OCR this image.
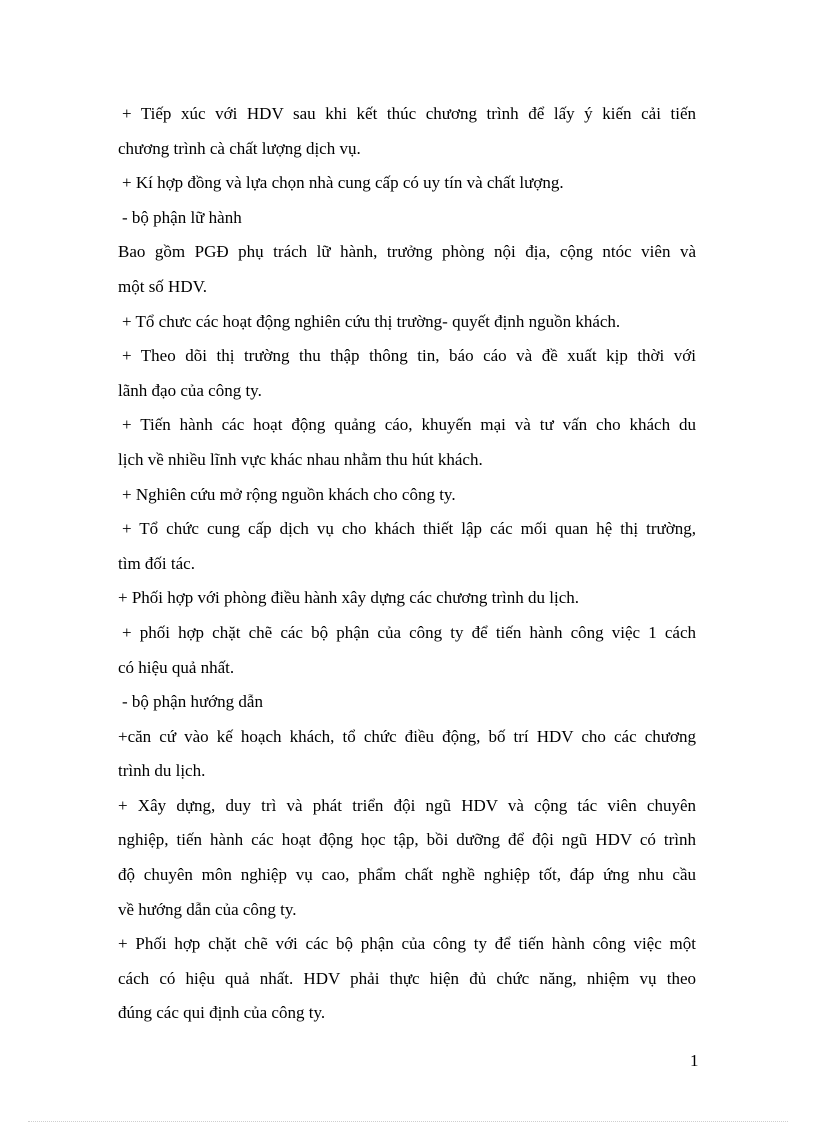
+ Tiếp xúc với HDV sau khi kết thúc chương trình để lấy ý kiến cải tiến
chương trình cà chất lượng dịch vụ.
+ Kí hợp đồng và lựa chọn nhà cung cấp có uy tín và chất lượng.
- bộ phận lữ hành
Bao gồm PGĐ phụ trách lữ hành, trưởng phòng nội địa, cộng ntóc viên và
một số HDV.
+ Tổ chưc các hoạt động nghiên cứu thị trường- quyết định nguồn khách.
+ Theo dõi thị trường thu thập thông tin, báo cáo và đề xuất kịp thời với
lãnh đạo của công ty.
+ Tiến hành các hoạt động quảng cáo, khuyến mại và tư vấn cho khách du
lịch về nhiều lĩnh vực khác nhau nhằm thu hút khách.
+ Nghiên cứu mở rộng nguồn khách cho công ty.
+ Tổ chức cung cấp dịch vụ cho khách thiết lập các mối quan hệ thị trường,
tìm đối tác.
+ Phối hợp với phòng điều hành xây dựng các chương trình du lịch.
+ phối hợp chặt chẽ các bộ phận của công ty để tiến hành công việc 1 cách
có hiệu quả nhất.
- bộ phận hướng dẫn
+căn cứ vào kế hoạch khách, tổ chức điều động, bố trí HDV cho các chương
trình du lịch.
+ Xây dựng, duy trì và phát triển đội ngũ HDV và cộng tác viên chuyên
nghiệp, tiến hành các hoạt động học tập, bồi dưỡng để đội ngũ HDV có trình
độ chuyên môn nghiệp vụ cao, phẩm chất nghề nghiệp tốt, đáp ứng nhu cầu
về hướng dẫn của công ty.
+ Phối hợp chặt chẽ với các bộ phận của công ty để tiến hành công việc một
cách có hiệu quả nhất. HDV phải thực hiện đủ chức năng, nhiệm vụ theo
đúng các qui định của công ty.
1
